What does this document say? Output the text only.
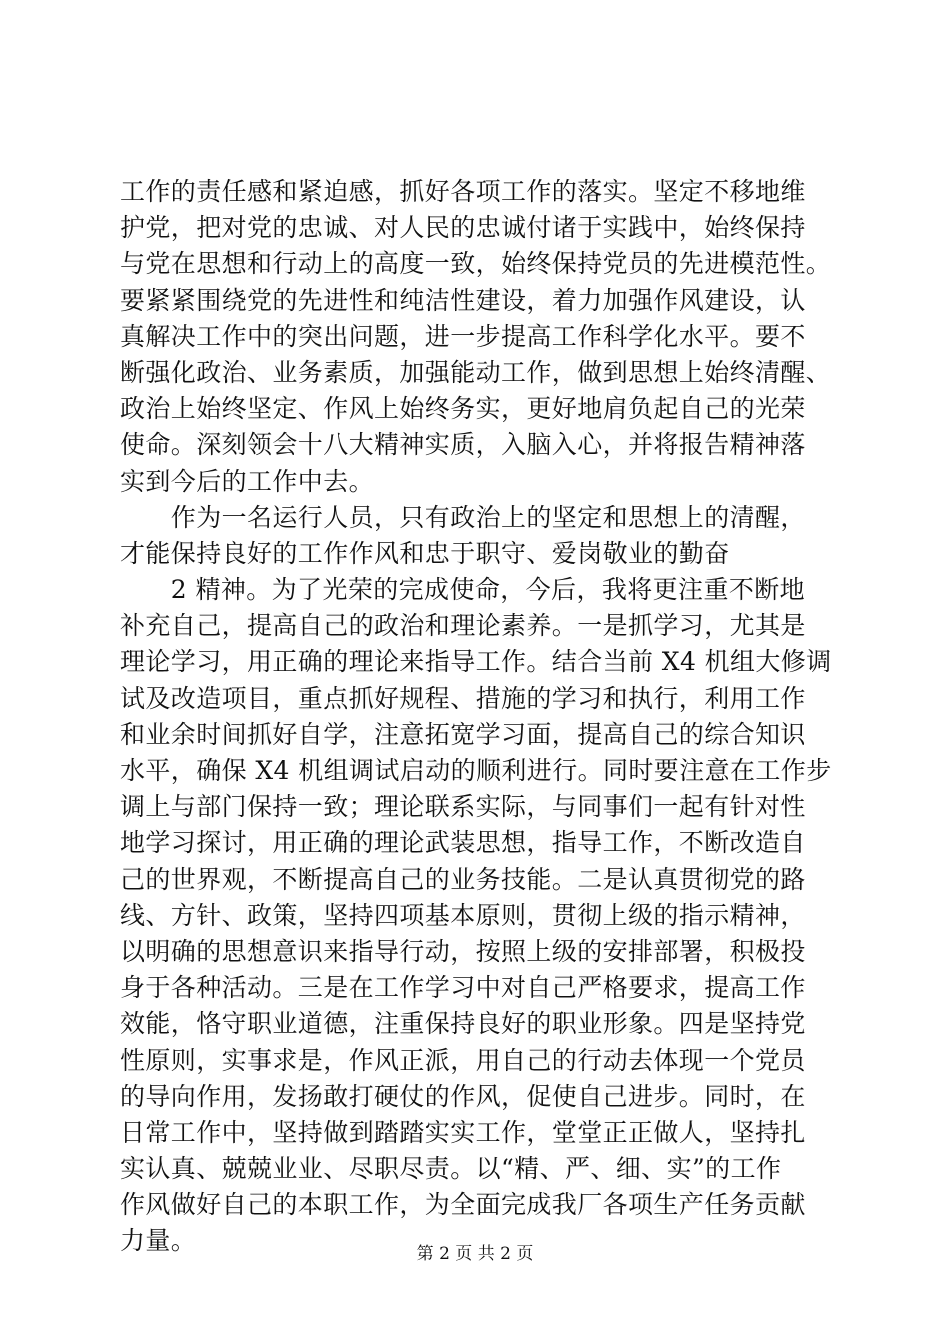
工作的责任感和紧迫感，抓好各项工作的落实。坚定不移地维
护党，把对党的忠诚、对人民的忠诚付诸于实践中，始终保持
与党在思想和行动上的高度一致，始终保持党员的先进模范性。
要紧紧围绕党的先进性和纯洁性建设，着力加强作风建设，认
真解决工作中的突出问题，进一步提高工作科学化水平。要不
断强化政治、业务素质，加强能动工作，做到思想上始终清醒、
政治上始终坚定、作风上始终务实，更好地肩负起自己的光荣
使命。深刻领会十八大精神实质，入脑入心，并将报告精神落
实到今后的工作中去。
　　作为一名运行人员，只有政治上的坚定和思想上的清醒，
才能保持良好的工作作风和忠于职守、爱岗敬业的勤奋
　　2 精神。为了光荣的完成使命，今后，我将更注重不断地
补充自己，提高自己的政治和理论素养。一是抓学习，尤其是
理论学习，用正确的理论来指导工作。结合当前 X4 机组大修调
试及改造项目，重点抓好规程、措施的学习和执行，利用工作
和业余时间抓好自学，注意拓宽学习面，提高自己的综合知识
水平，确保 X4 机组调试启动的顺利进行。同时要注意在工作步
调上与部门保持一致；理论联系实际，与同事们一起有针对性
地学习探讨，用正确的理论武装思想，指导工作，不断改造自
己的世界观，不断提高自己的业务技能。二是认真贯彻党的路
线、方针、政策，坚持四项基本原则，贯彻上级的指示精神，
以明确的思想意识来指导行动，按照上级的安排部署，积极投
身于各种活动。三是在工作学习中对自己严格要求，提高工作
效能，恪守职业道德，注重保持良好的职业形象。四是坚持党
性原则，实事求是，作风正派，用自己的行动去体现一个党员
的导向作用，发扬敢打硬仗的作风，促使自己进步。同时，在
日常工作中，坚持做到踏踏实实工作，堂堂正正做人，坚持扎
实认真、兢兢业业、尽职尽责。以“精、严、细、实”的工作
作风做好自己的本职工作，为全面完成我厂各项生产任务贡献
力量。	第 2 页 共 2 页
